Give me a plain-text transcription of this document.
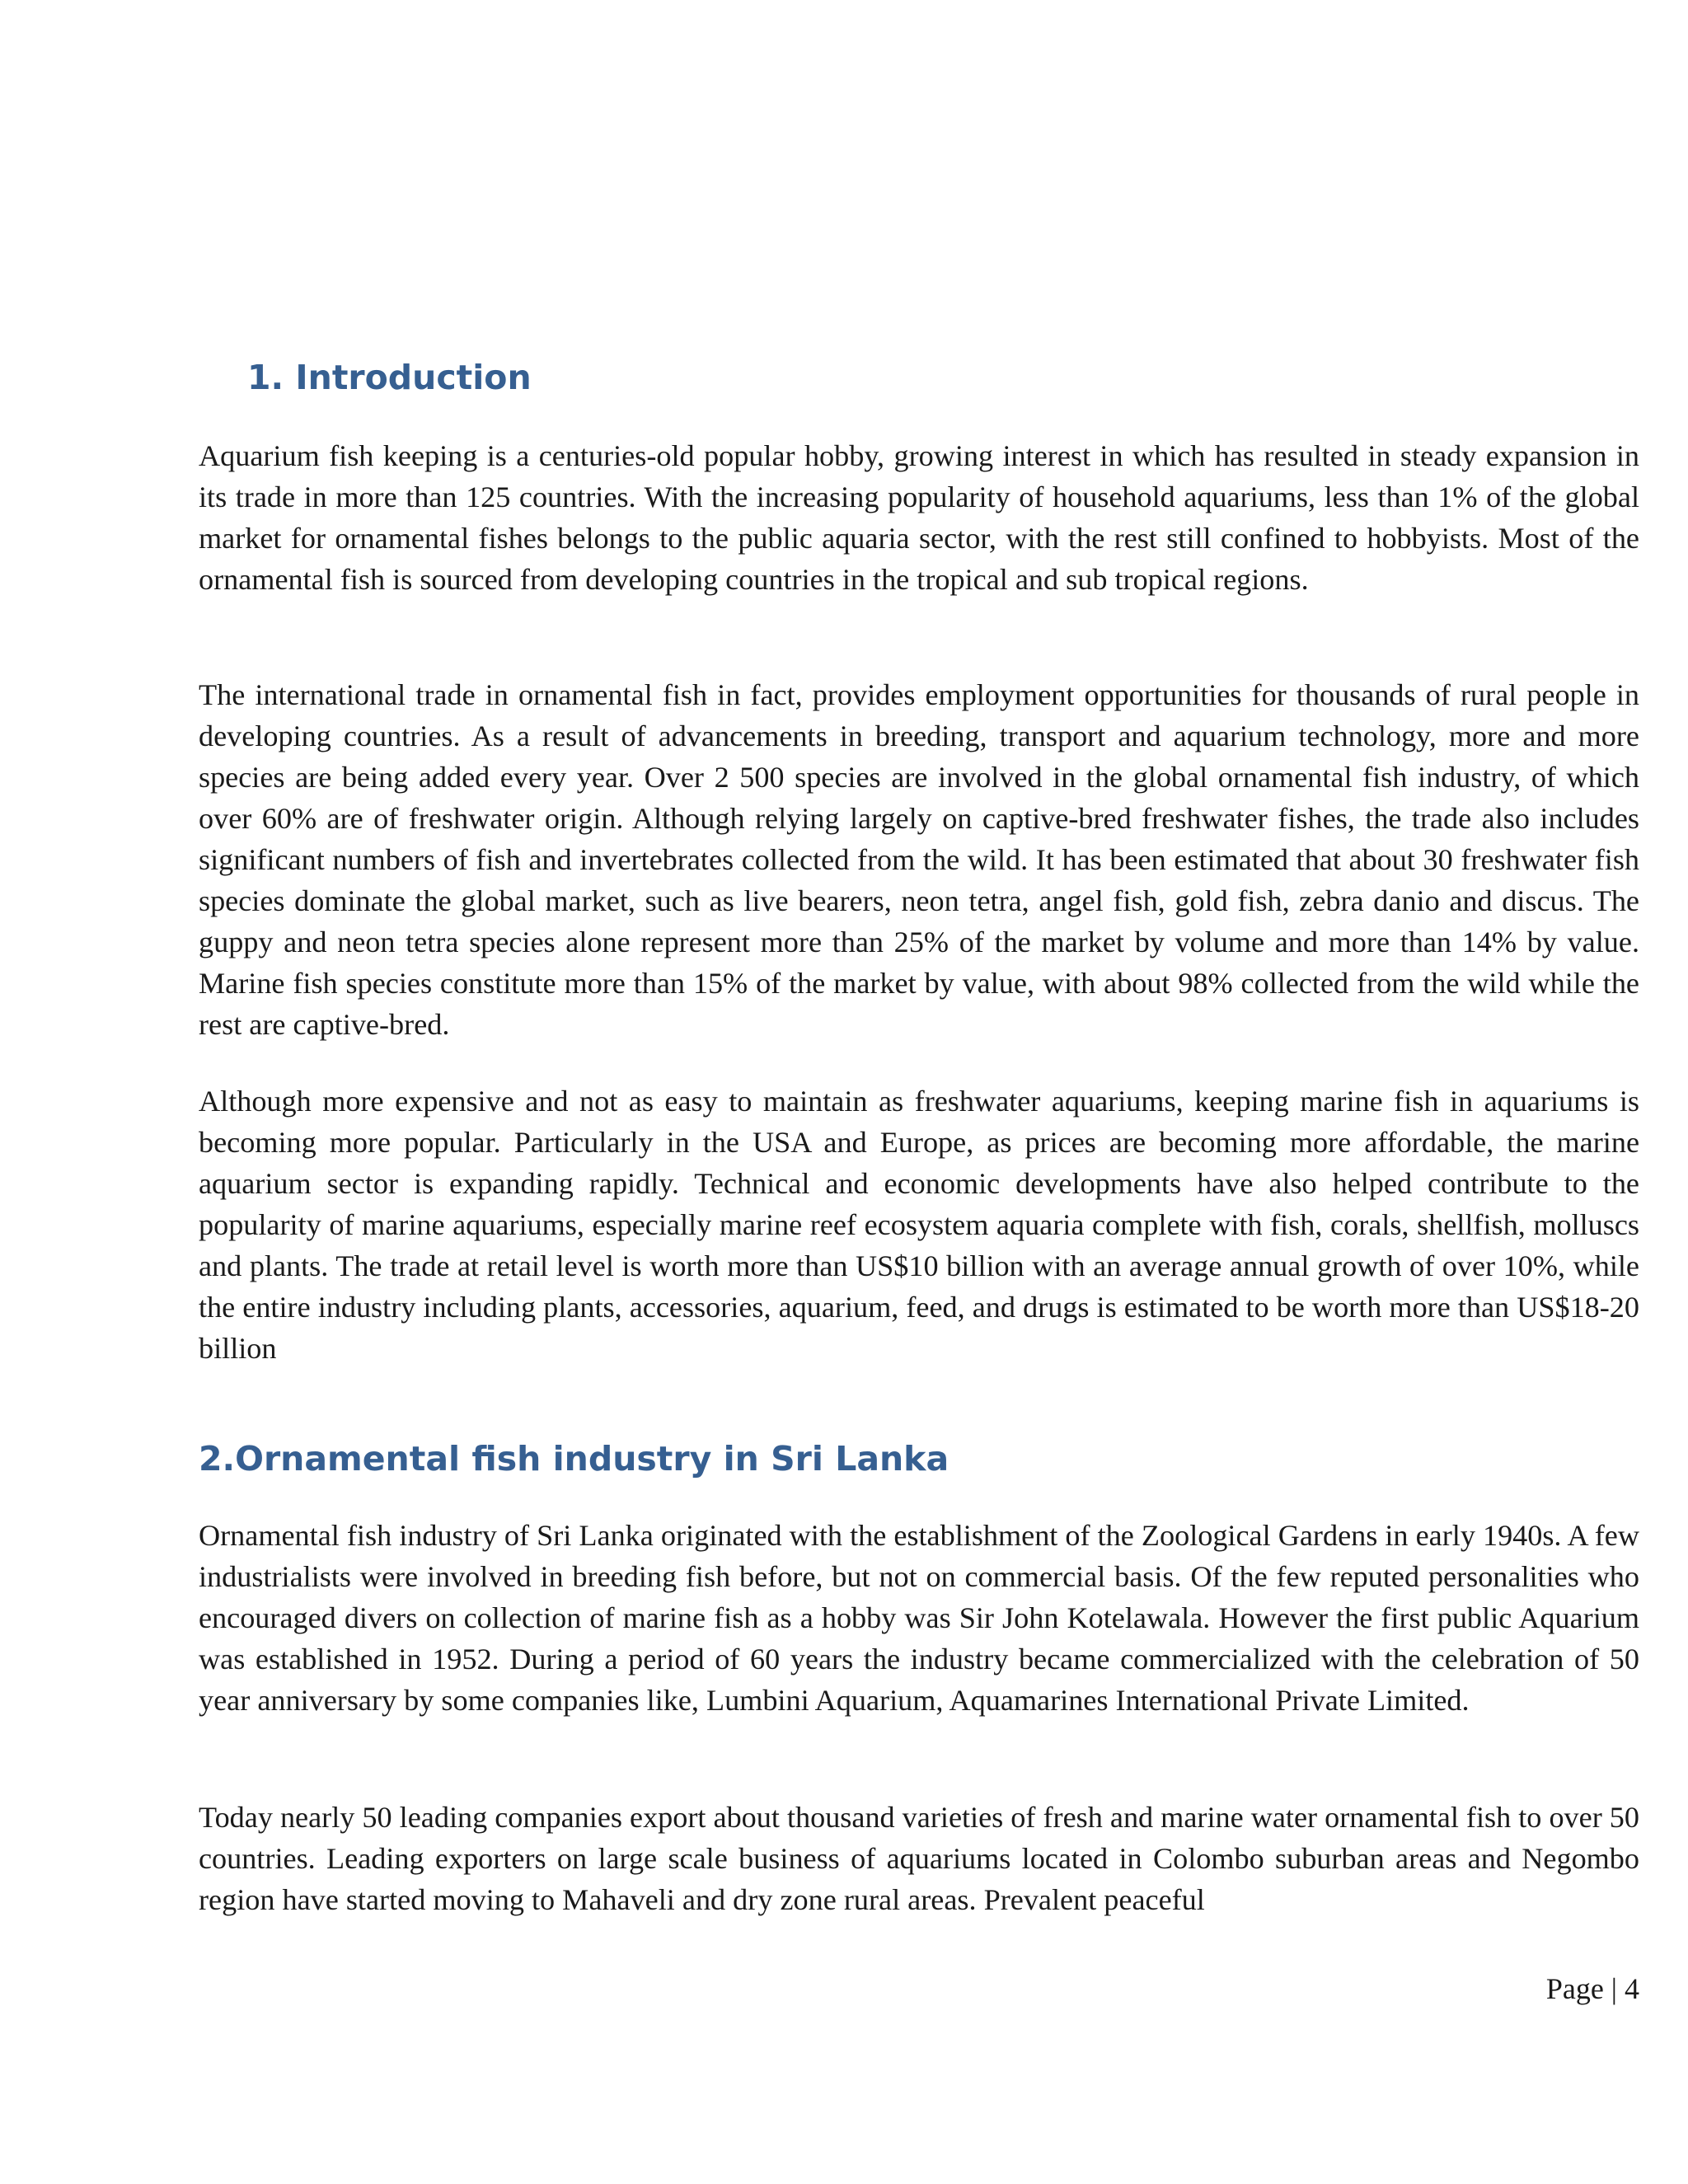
1. Introduction

Aquarium fish keeping is a centuries-old popular hobby, growing interest in which has resulted in steady expansion in its trade in more than 125 countries. With the increasing popularity of household aquariums, less than 1% of the global market for ornamental fishes belongs to the public aquaria sector, with the rest still confined to hobbyists. Most of the ornamental fish is sourced from developing countries in the tropical and sub tropical regions.

The international trade in ornamental fish in fact, provides employment opportunities for thousands of rural people in developing countries. As a result of advancements in breeding, transport and aquarium technology, more and more species are being added every year. Over 2 500 species are involved in the global ornamental fish industry, of which over 60% are of freshwater origin. Although relying largely on captive-bred freshwater fishes, the trade also includes significant numbers of fish and invertebrates collected from the wild. It has been estimated that about 30 freshwater fish species dominate the global market, such as live bearers, neon tetra, angel fish, gold fish, zebra danio and discus. The guppy and neon tetra species alone represent more than 25% of the market by volume and more than 14% by value. Marine fish species constitute more than 15% of the market by value, with about 98% collected from the wild while the rest are captive-bred.

Although more expensive and not as easy to maintain as freshwater aquariums, keeping marine fish in aquariums is becoming more popular. Particularly in the USA and Europe, as prices are becoming more affordable, the marine aquarium sector is expanding rapidly. Technical and economic developments have also helped contribute to the popularity of marine aquariums, especially marine reef ecosystem aquaria complete with fish, corals, shellfish, molluscs and plants. The trade at retail level is worth more than US$10 billion with an average annual growth of over 10%, while the entire industry including plants, accessories, aquarium, feed, and drugs is estimated to be worth more than US$18-20 billion

2.Ornamental fish industry in Sri Lanka

Ornamental fish industry of Sri Lanka originated with the establishment of the Zoological Gardens in early 1940s. A few industrialists were involved in breeding fish before, but not on commercial basis. Of the few reputed personalities who encouraged divers on collection of marine fish as a hobby was Sir John Kotelawala. However the first public Aquarium was established in 1952. During a period of 60 years the industry became commercialized with the celebration of 50 year anniversary by some companies like, Lumbini Aquarium, Aquamarines International Private Limited.

Today nearly 50 leading companies export about thousand varieties of fresh and marine water ornamental fish to over 50 countries. Leading exporters on large scale business of aquariums located in Colombo suburban areas and Negombo region have started moving to Mahaveli and dry zone rural areas. Prevalent peaceful

Page | 4
